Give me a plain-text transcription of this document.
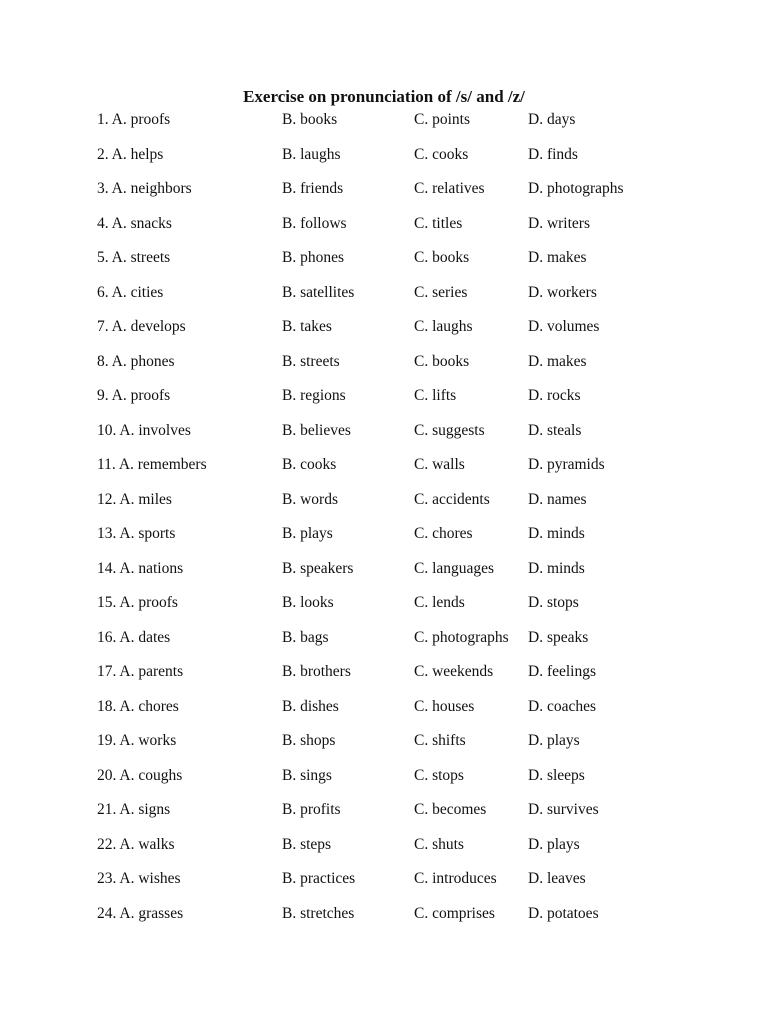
Exercise on pronunciation of /s/ and /z/
1. A. proofs	B. books	C. points	D. days
2. A. helps	B. laughs	C. cooks	D. finds
3. A. neighbors	B. friends	C. relatives	D. photographs
4. A. snacks	B. follows	C. titles	D. writers
5. A. streets	B. phones	C. books	D. makes
6. A. cities	B. satellites	C. series	D. workers
7. A. develops	B. takes	C. laughs	D. volumes
8. A. phones	B. streets	C. books	D. makes
9. A. proofs	B. regions	C. lifts	D. rocks
10. A. involves	B. believes	C. suggests	D. steals
11. A. remembers	B. cooks	C. walls	D. pyramids
12. A. miles	B. words	C. accidents D. names
13. A. sports	B. plays	C. chores	D. minds
14. A. nations	B. speakers	C. languages D. minds
15. A. proofs	B. looks	C. lends	D. stops
16. A. dates	B. bags	C. photographs D. speaks
17. A. parents	B. brothers	C. weekends D. feelings
18. A. chores	B. dishes	C. houses	D. coaches
19. A. works	B. shops	C. shifts	D. plays
20. A. coughs	B. sings	C. stops	D. sleeps
21. A. signs	B. profits	C. becomes	D. survives
22. A. walks	B. steps	C. shuts	D. plays
23. A. wishes	B. practices	C. introduces D. leaves
24. A. grasses	B. stretches	C. comprises D. potatoes
